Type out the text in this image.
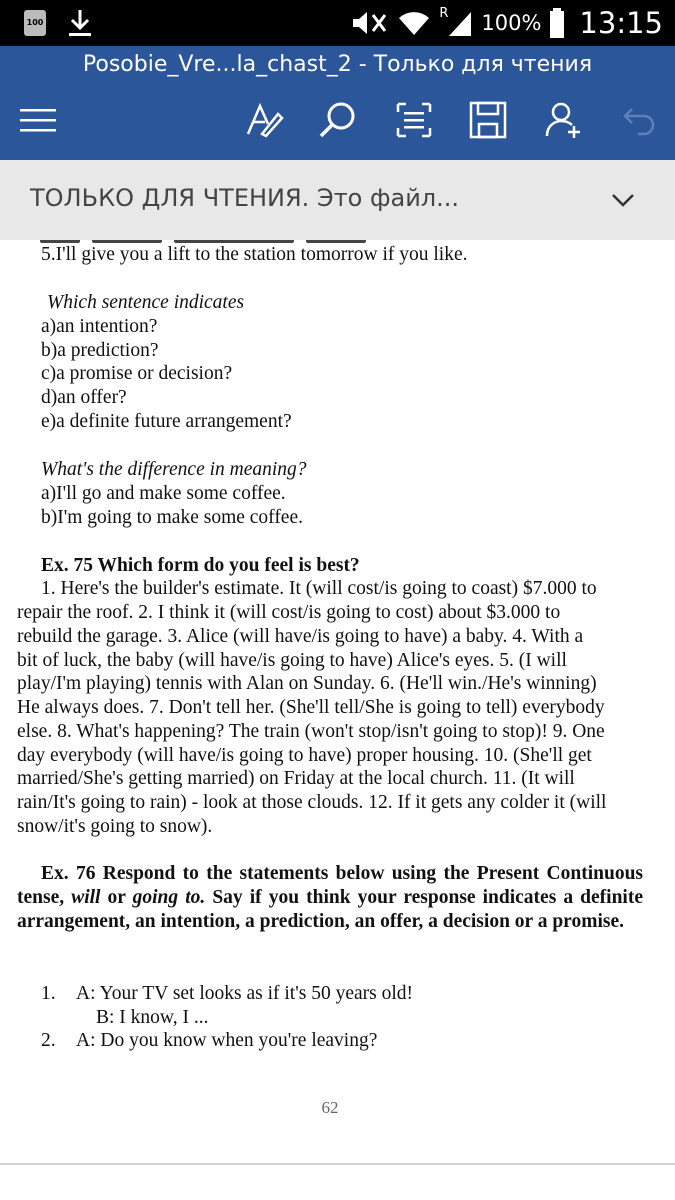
100
R 100% 13:15
Posobie_Vre...la_chast_2 - Только для чтения
ТОЛЬКО ДЛЯ ЧТЕНИЯ. Это файл...
5.I'll give you a lift to the station tomorrow if you like.
Which sentence indicates
a)an intention?
b)a prediction?
c)a promise or decision?
d)an offer?
e)a definite future arrangement?
What's the difference in meaning?
a)I'll go and make some coffee.
b)I'm going to make some coffee.
Ex. 75 Which form do you feel is best?
1. Here's the builder's estimate. It (will cost/is going to coast) $7.000 to
repair the roof. 2. I think it (will cost/is going to cost) about $3.000 to
rebuild the garage. 3. Alice (will have/is going to have) a baby. 4. With a
bit of luck, the baby (will have/is going to have) Alice's eyes. 5. (I will
play/I'm playing) tennis with Alan on Sunday. 6. (He'll win./He's winning)
He always does. 7. Don't tell her. (She'll tell/She is going to tell) everybody
else. 8. What's happening? The train (won't stop/isn't going to stop)! 9. One
day everybody (will have/is going to have) proper housing. 10. (She'll get
married/She's getting married) on Friday at the local church. 11. (It will
rain/It's going to rain) - look at those clouds. 12. If it gets any colder it (will
snow/it's going to snow).
Ex. 76 Respond to the statements below using the Present Continuous tense, will or going to. Say if you think your response indicates a definite arrangement, an intention, a prediction, an offer, a decision or a promise.
1. A: Your TV set looks as if it's 50 years old!
B: I know, I ...
2. A: Do you know when you're leaving?
62
